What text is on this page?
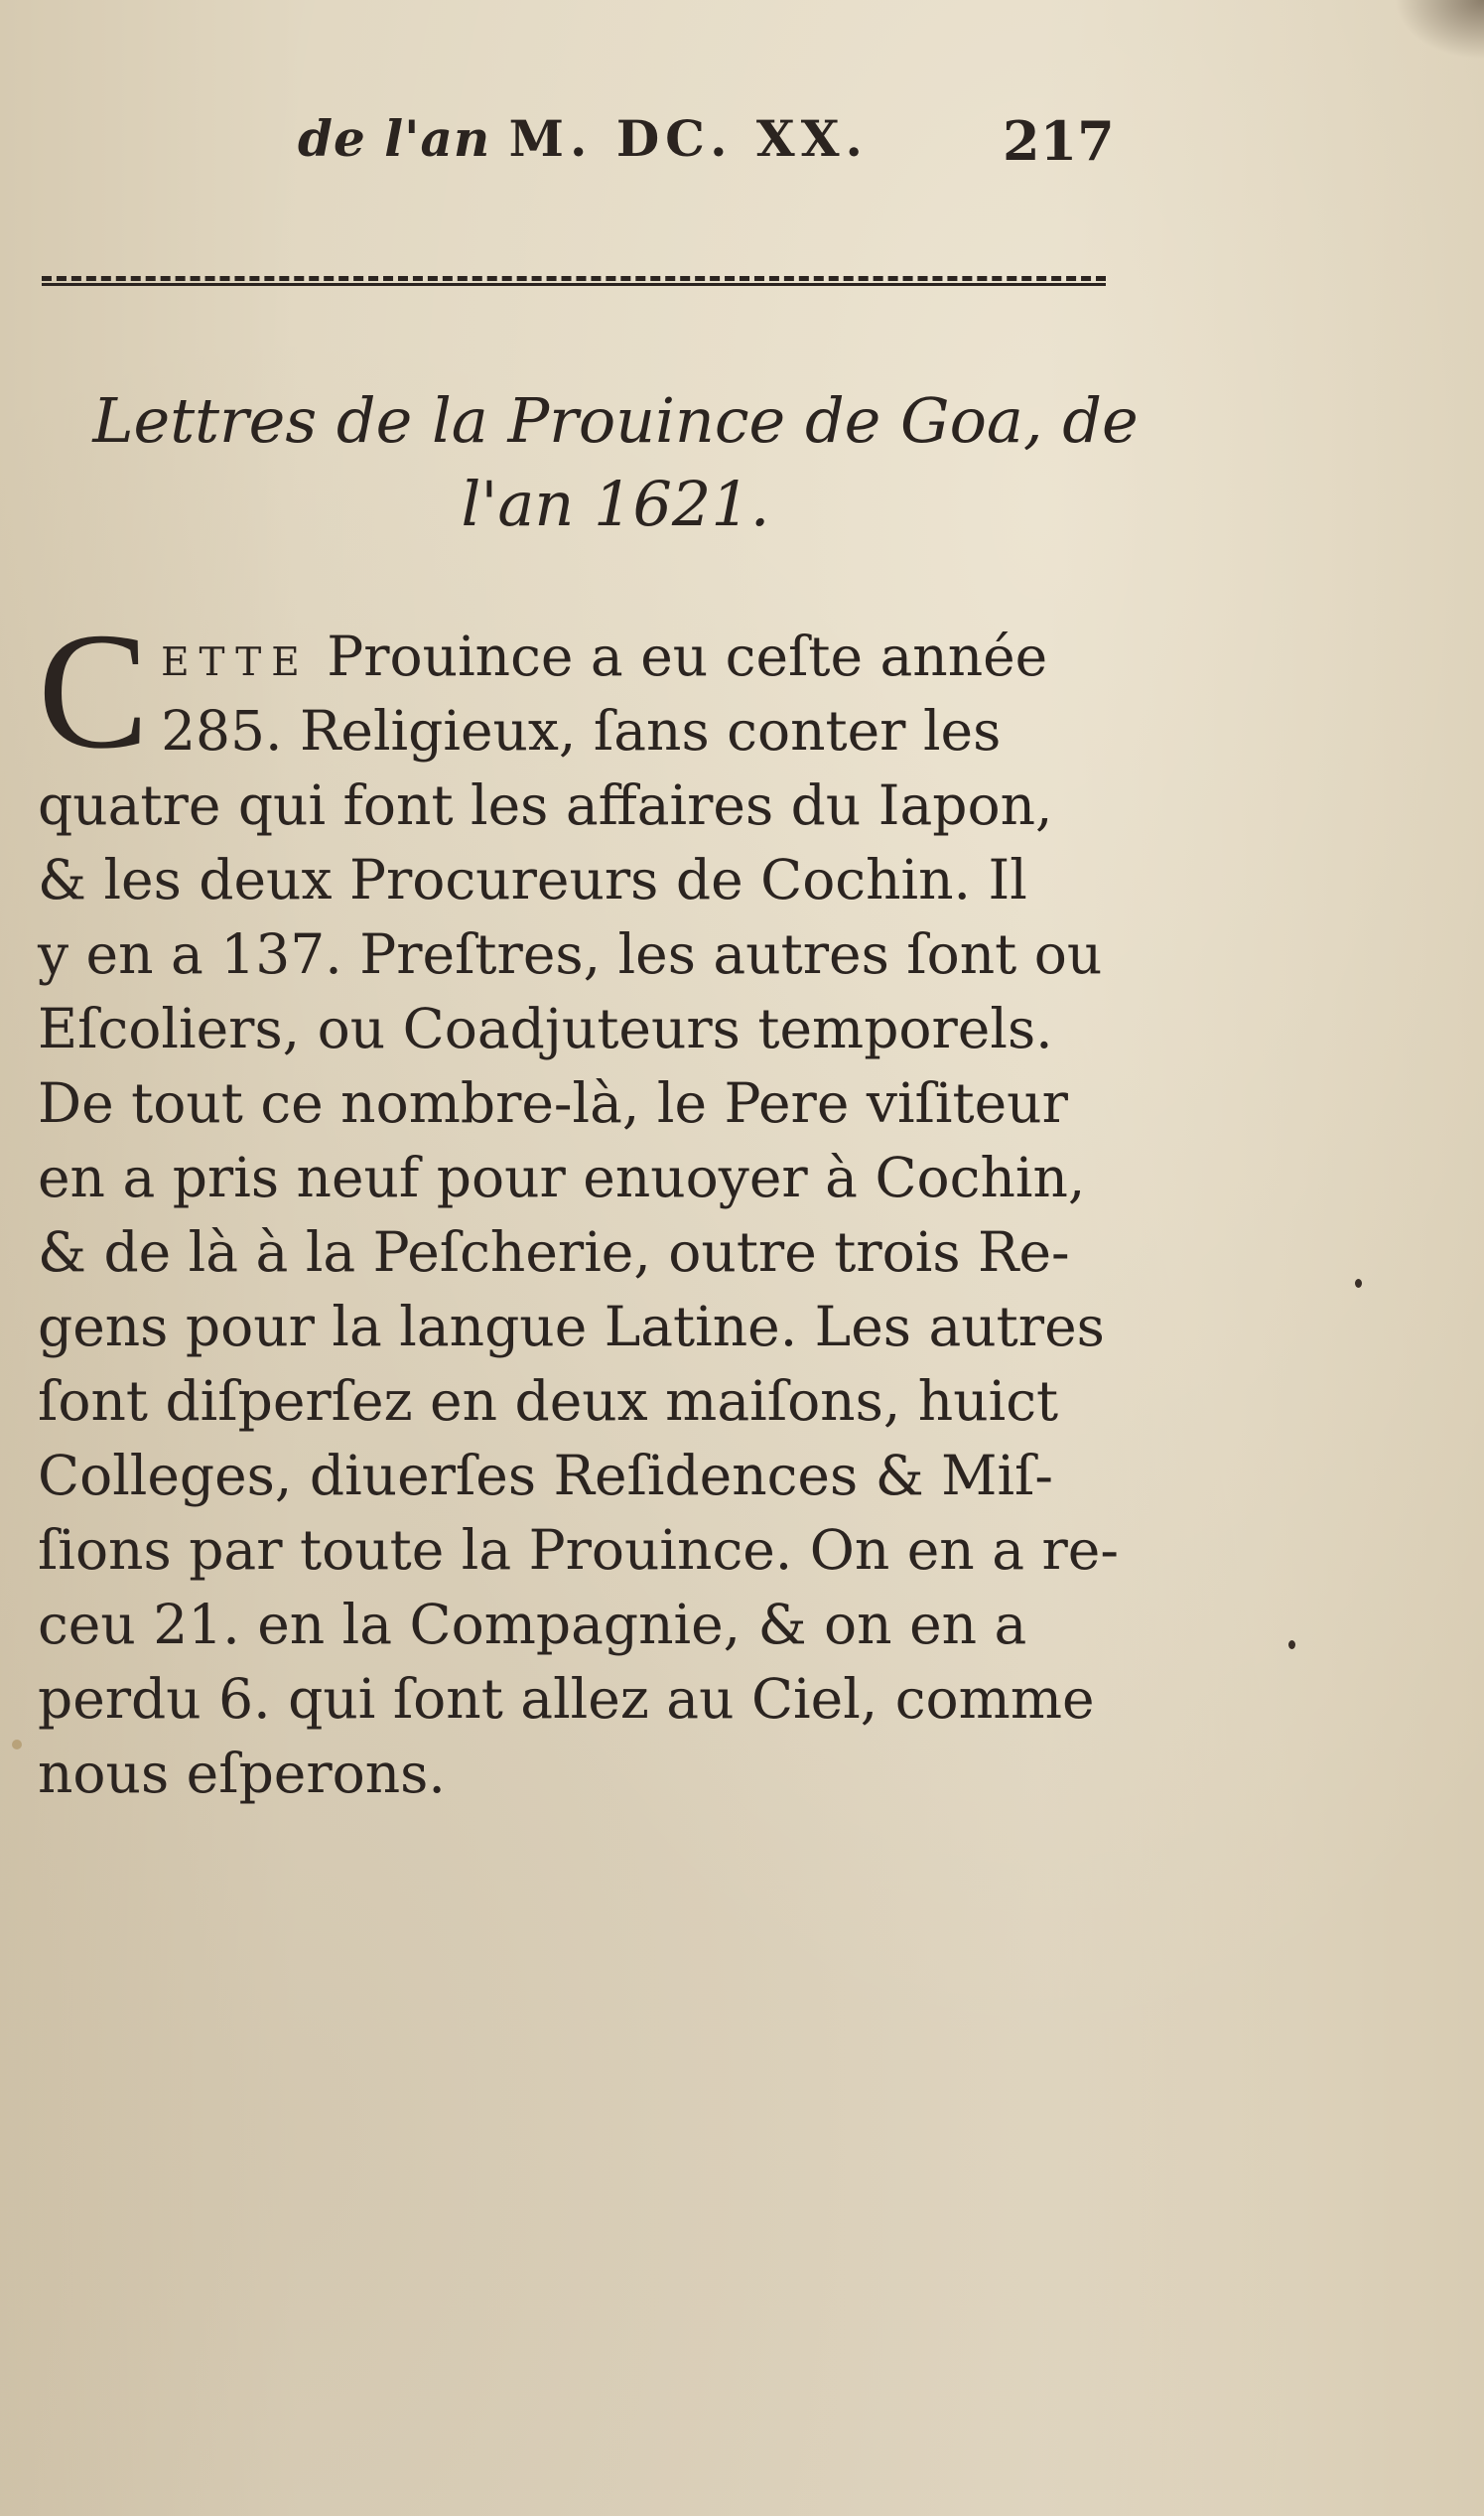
de l'an M. DC. XX.	217
Lettres de la Prouince de Goa, de
l'an 1621.
C ette Prouince a eu ceſte année
285. Religieux, ſans conter les
quatre qui font les affaires du Iapon,
& les deux Procureurs de Cochin. Il
y en a 137. Preſtres, les autres ſont ou
Eſcoliers, ou Coadjuteurs temporels.
De tout ce nombre-là, le Pere viſiteur
en a pris neuf pour enuoyer à Cochin,
& de là à la Peſcherie, outre trois Re-
gens pour la langue Latine. Les autres
ſont diſperſez en deux maiſons, huict
Colleges, diuerſes Reſidences & Miſ-
ſions par toute la Prouince. On en a re-
ceu 21. en la Compagnie, & on en a
perdu 6. qui ſont allez au Ciel, comme
nous eſperons.
